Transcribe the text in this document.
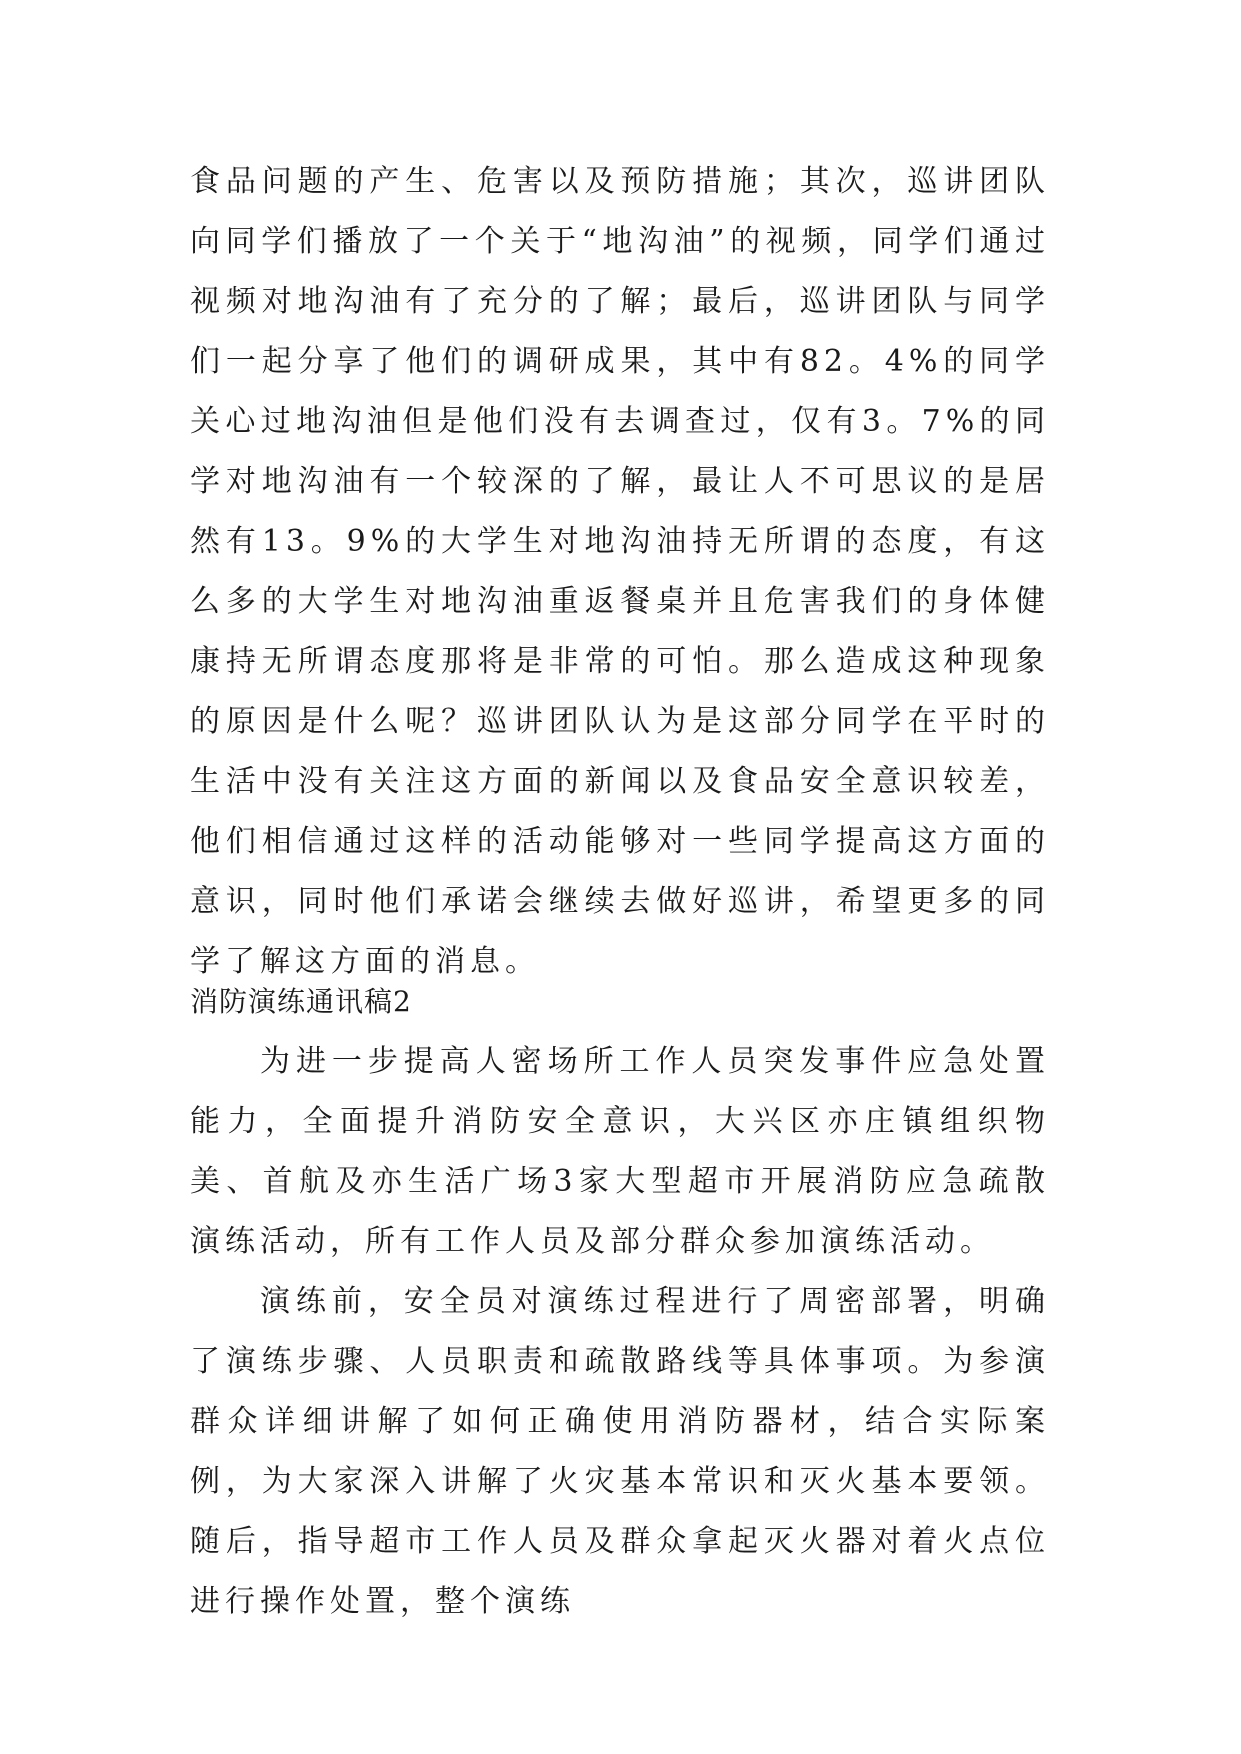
食品问题的产生、危害以及预防措施；其次，巡讲团队向同学们播放了一个关于“地沟油”的视频，同学们通过视频对地沟油有了充分的了解；最后，巡讲团队与同学们一起分享了他们的调研成果，其中有82。4%的同学关心过地沟油但是他们没有去调查过，仅有3。7%的同学对地沟油有一个较深的了解，最让人不可思议的是居然有13。9%的大学生对地沟油持无所谓的态度，有这么多的大学生对地沟油重返餐桌并且危害我们的身体健康持无所谓态度那将是非常的可怕。那么造成这种现象的原因是什么呢？巡讲团队认为是这部分同学在平时的生活中没有关注这方面的新闻以及食品安全意识较差，他们相信通过这样的活动能够对一些同学提高这方面的意识，同时他们承诺会继续去做好巡讲，希望更多的同学了解这方面的消息。

消防演练通讯稿2

为进一步提高人密场所工作人员突发事件应急处置能力，全面提升消防安全意识，大兴区亦庄镇组织物美、首航及亦生活广场3家大型超市开展消防应急疏散演练活动，所有工作人员及部分群众参加演练活动。

演练前，安全员对演练过程进行了周密部署，明确了演练步骤、人员职责和疏散路线等具体事项。为参演群众详细讲解了如何正确使用消防器材，结合实际案例，为大家深入讲解了火灾基本常识和灭火基本要领。随后，指导超市工作人员及群众拿起灭火器对着火点位进行操作处置，整个演练
